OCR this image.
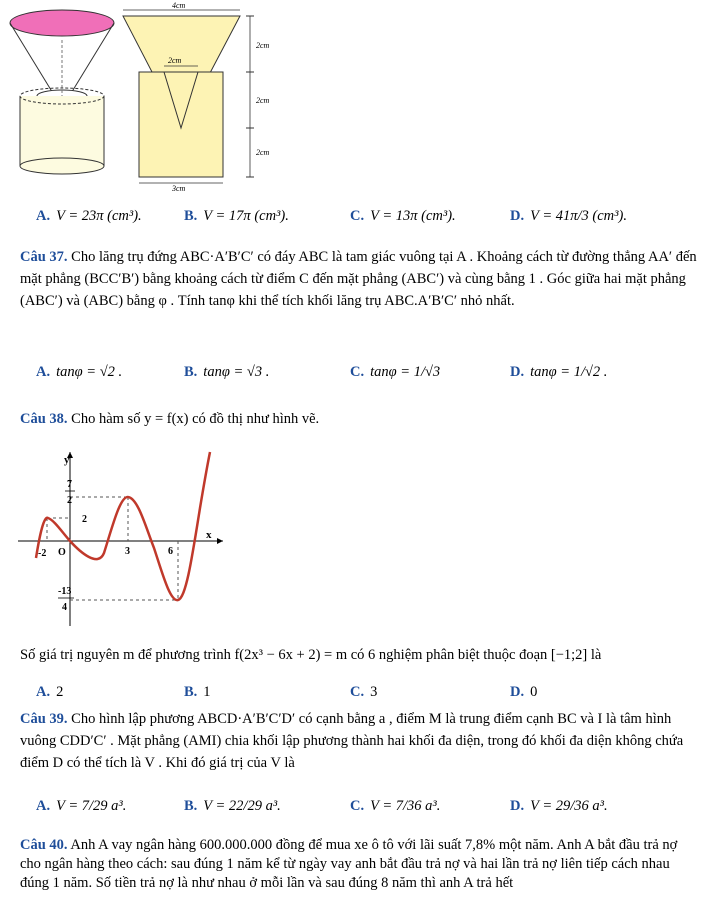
4cm
2cm
2cm
2cm
2cm
3cm
A. V = 23π (cm³).	B. V = 17π (cm³).	C. V = 13π (cm³).	D. V = 41π/3 (cm³).
Câu 37. Cho lăng trụ đứng ABC·A′B′C′ có đáy ABC là tam giác vuông tại A . Khoảng cách từ đường thẳng AA′ đến mặt phẳng (BCC′B′) bằng khoảng cách từ điểm C đến mặt phẳng (ABC′) và cùng bằng 1 . Góc giữa hai mặt phẳng (ABC′) và (ABC) bằng φ . Tính tanφ khi thể tích khối lăng trụ ABC.A′B′C′ nhỏ nhất.
A. tanφ = √2 .	B. tanφ = √3 .	C. tanφ = 1/√3	D. tanφ = 1/√2 .
Câu 38. Cho hàm số y = f(x) có đồ thị như hình vẽ.
y
x
7
2
2
-2 O	3	6
-13
4
Số giá trị nguyên m để phương trình f(2x³ − 6x + 2) = m có 6 nghiệm phân biệt thuộc đoạn [−1;2] là
A. 2	B. 1	C. 3	D. 0
Câu 39. Cho hình lập phương ABCD·A′B′C′D′ có cạnh bằng a , điểm M là trung điểm cạnh BC và I là tâm hình vuông CDD′C′ . Mặt phẳng (AMI) chia khối lập phương thành hai khối đa diện, trong đó khối đa diện không chứa điểm D có thể tích là V . Khi đó giá trị của V là
A. V = 7/29 a³.	B. V = 22/29 a³.	C. V = 7/36 a³.	D. V = 29/36 a³.
Câu 40. Anh A vay ngân hàng 600.000.000 đồng để mua xe ô tô với lãi suất 7,8% một năm. Anh A bắt đầu trả nợ cho ngân hàng theo cách: sau đúng 1 năm kể từ ngày vay anh bắt đầu trả nợ và hai lần trả nợ liên tiếp cách nhau đúng 1 năm. Số tiền trả nợ là như nhau ở mỗi lần và sau đúng 8 năm thì anh A trả hết
